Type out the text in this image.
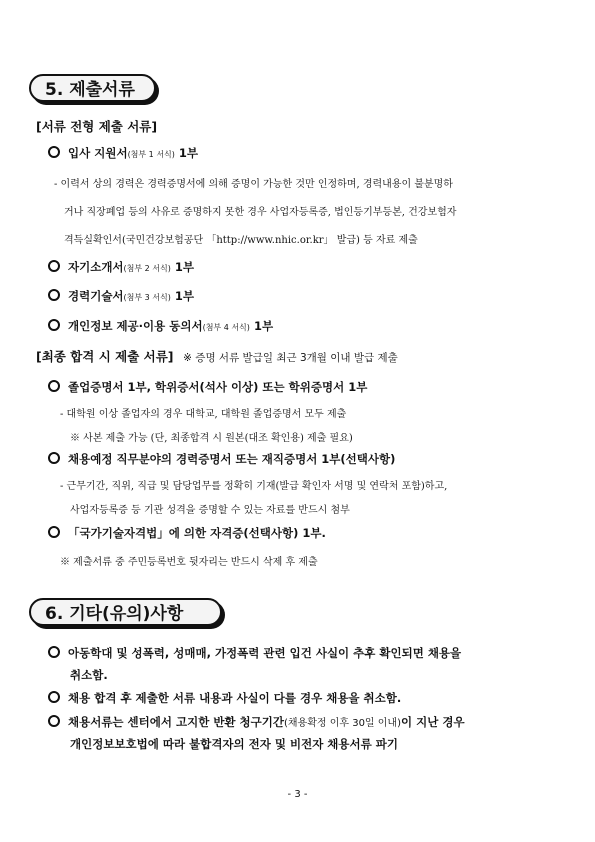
5. 제출서류
[서류 전형 제출 서류]
입사 지원서(첨부 1 서식) 1부
- 이력서 상의 경력은 경력증명서에 의해 증명이 가능한 것만 인정하며, 경력내용이 불분명하
거나 직장폐업 등의 사유로 증명하지 못한 경우 사업자등록증, 법인등기부등본, 건강보험자
격득실확인서(국민건강보험공단 「http://www.nhic.or.kr」 발급) 등 자료 제출
자기소개서(첨부 2 서식) 1부
경력기술서(첨부 3 서식) 1부
개인정보 제공·이용 동의서(첨부 4 서식) 1부
[최종 합격 시 제출 서류] ※ 증명 서류 발급일 최근 3개월 이내 발급 제출
졸업증명서 1부, 학위증서(석사 이상) 또는 학위증명서 1부
- 대학원 이상 졸업자의 경우 대학교, 대학원 졸업증명서 모두 제출
※ 사본 제출 가능 (단, 최종합격 시 원본(대조 확인용) 제출 필요)
채용예정 직무분야의 경력증명서 또는 재직증명서 1부(선택사항)
- 근무기간, 직위, 직급 및 담당업무를 정확히 기재(발급 확인자 서명 및 연락처 포함)하고,
사업자등록증 등 기관 성격을 증명할 수 있는 자료를 반드시 첨부
「국가기술자격법」에 의한 자격증(선택사항) 1부.
※ 제출서류 중 주민등록번호 뒷자리는 반드시 삭제 후 제출
6. 기타(유의)사항
아동학대 및 성폭력, 성매매, 가정폭력 관련 입건 사실이 추후 확인되면 채용을
취소함.
채용 합격 후 제출한 서류 내용과 사실이 다를 경우 채용을 취소함.
채용서류는 센터에서 고지한 반환 청구기간(채용확정 이후 30일 이내)이 지난 경우
개인정보보호법에 따라 불합격자의 전자 및 비전자 채용서류 파기
- 3 -
